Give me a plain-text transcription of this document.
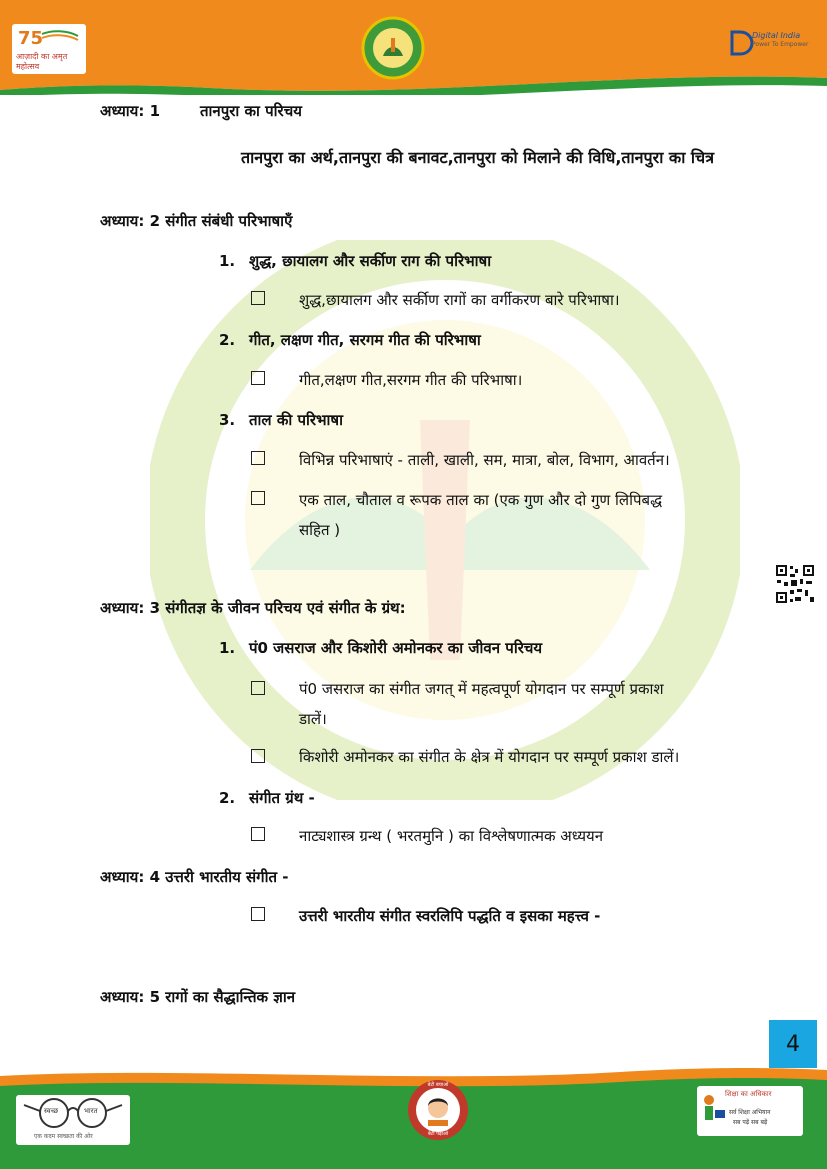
75
आज़ादी का अमृत महोत्सव
Digital India
Power To Empower
अध्याय: 1	तानपुरा का परिचय
तानपुरा का अर्थ,तानपुरा की बनावट,तानपुरा को मिलाने की विधि,तानपुरा का चित्र
अध्याय: 2 संगीत संबंधी परिभाषाएँ
1. शुद्ध, छायालग और सर्कीण राग की परिभाषा
शुद्ध,छायालग और सर्कीण रागों का वर्गीकरण बारे परिभाषा।
2. गीत, लक्षण गीत, सरगम गीत की परिभाषा
गीत,लक्षण गीत,सरगम गीत की परिभाषा।
3. ताल की परिभाषा
विभिन्न परिभाषाएं - ताली, खाली, सम, मात्रा, बोल, विभाग, आवर्तन।
एक ताल, चौताल व रूपक ताल का (एक गुण और दो गुण लिपिबद्ध
सहित )
अध्याय: 3 संगीतज्ञ के जीवन परिचय एवं संगीत के ग्रंथ:
1. पं0 जसराज और किशोरी अमोनकर का जीवन परिचय
पं0 जसराज का संगीत जगत् में महत्वपूर्ण योगदान पर सम्पूर्ण प्रकाश
डालें।
किशोरी अमोनकर का संगीत के क्षेत्र में योगदान पर सम्पूर्ण प्रकाश डालें।
2. संगीत ग्रंथ -
नाट्यशास्त्र ग्रन्थ ( भरतमुनि ) का विश्लेषणात्मक अध्ययन
अध्याय: 4 उत्तरी भारतीय संगीत -
उत्तरी भारतीय संगीत स्वरलिपि पद्धति व इसका महत्त्व -
अध्याय: 5 रागों का सैद्धान्तिक ज्ञान
4
स्वच्छ	भारत
एक कदम स्वच्छता की ओर
बेटी बचाओ
बेटी पढ़ाओ
शिक्षा का अधिकार
सर्व शिक्षा अभियान
सब पढ़ें सब बढ़ें
